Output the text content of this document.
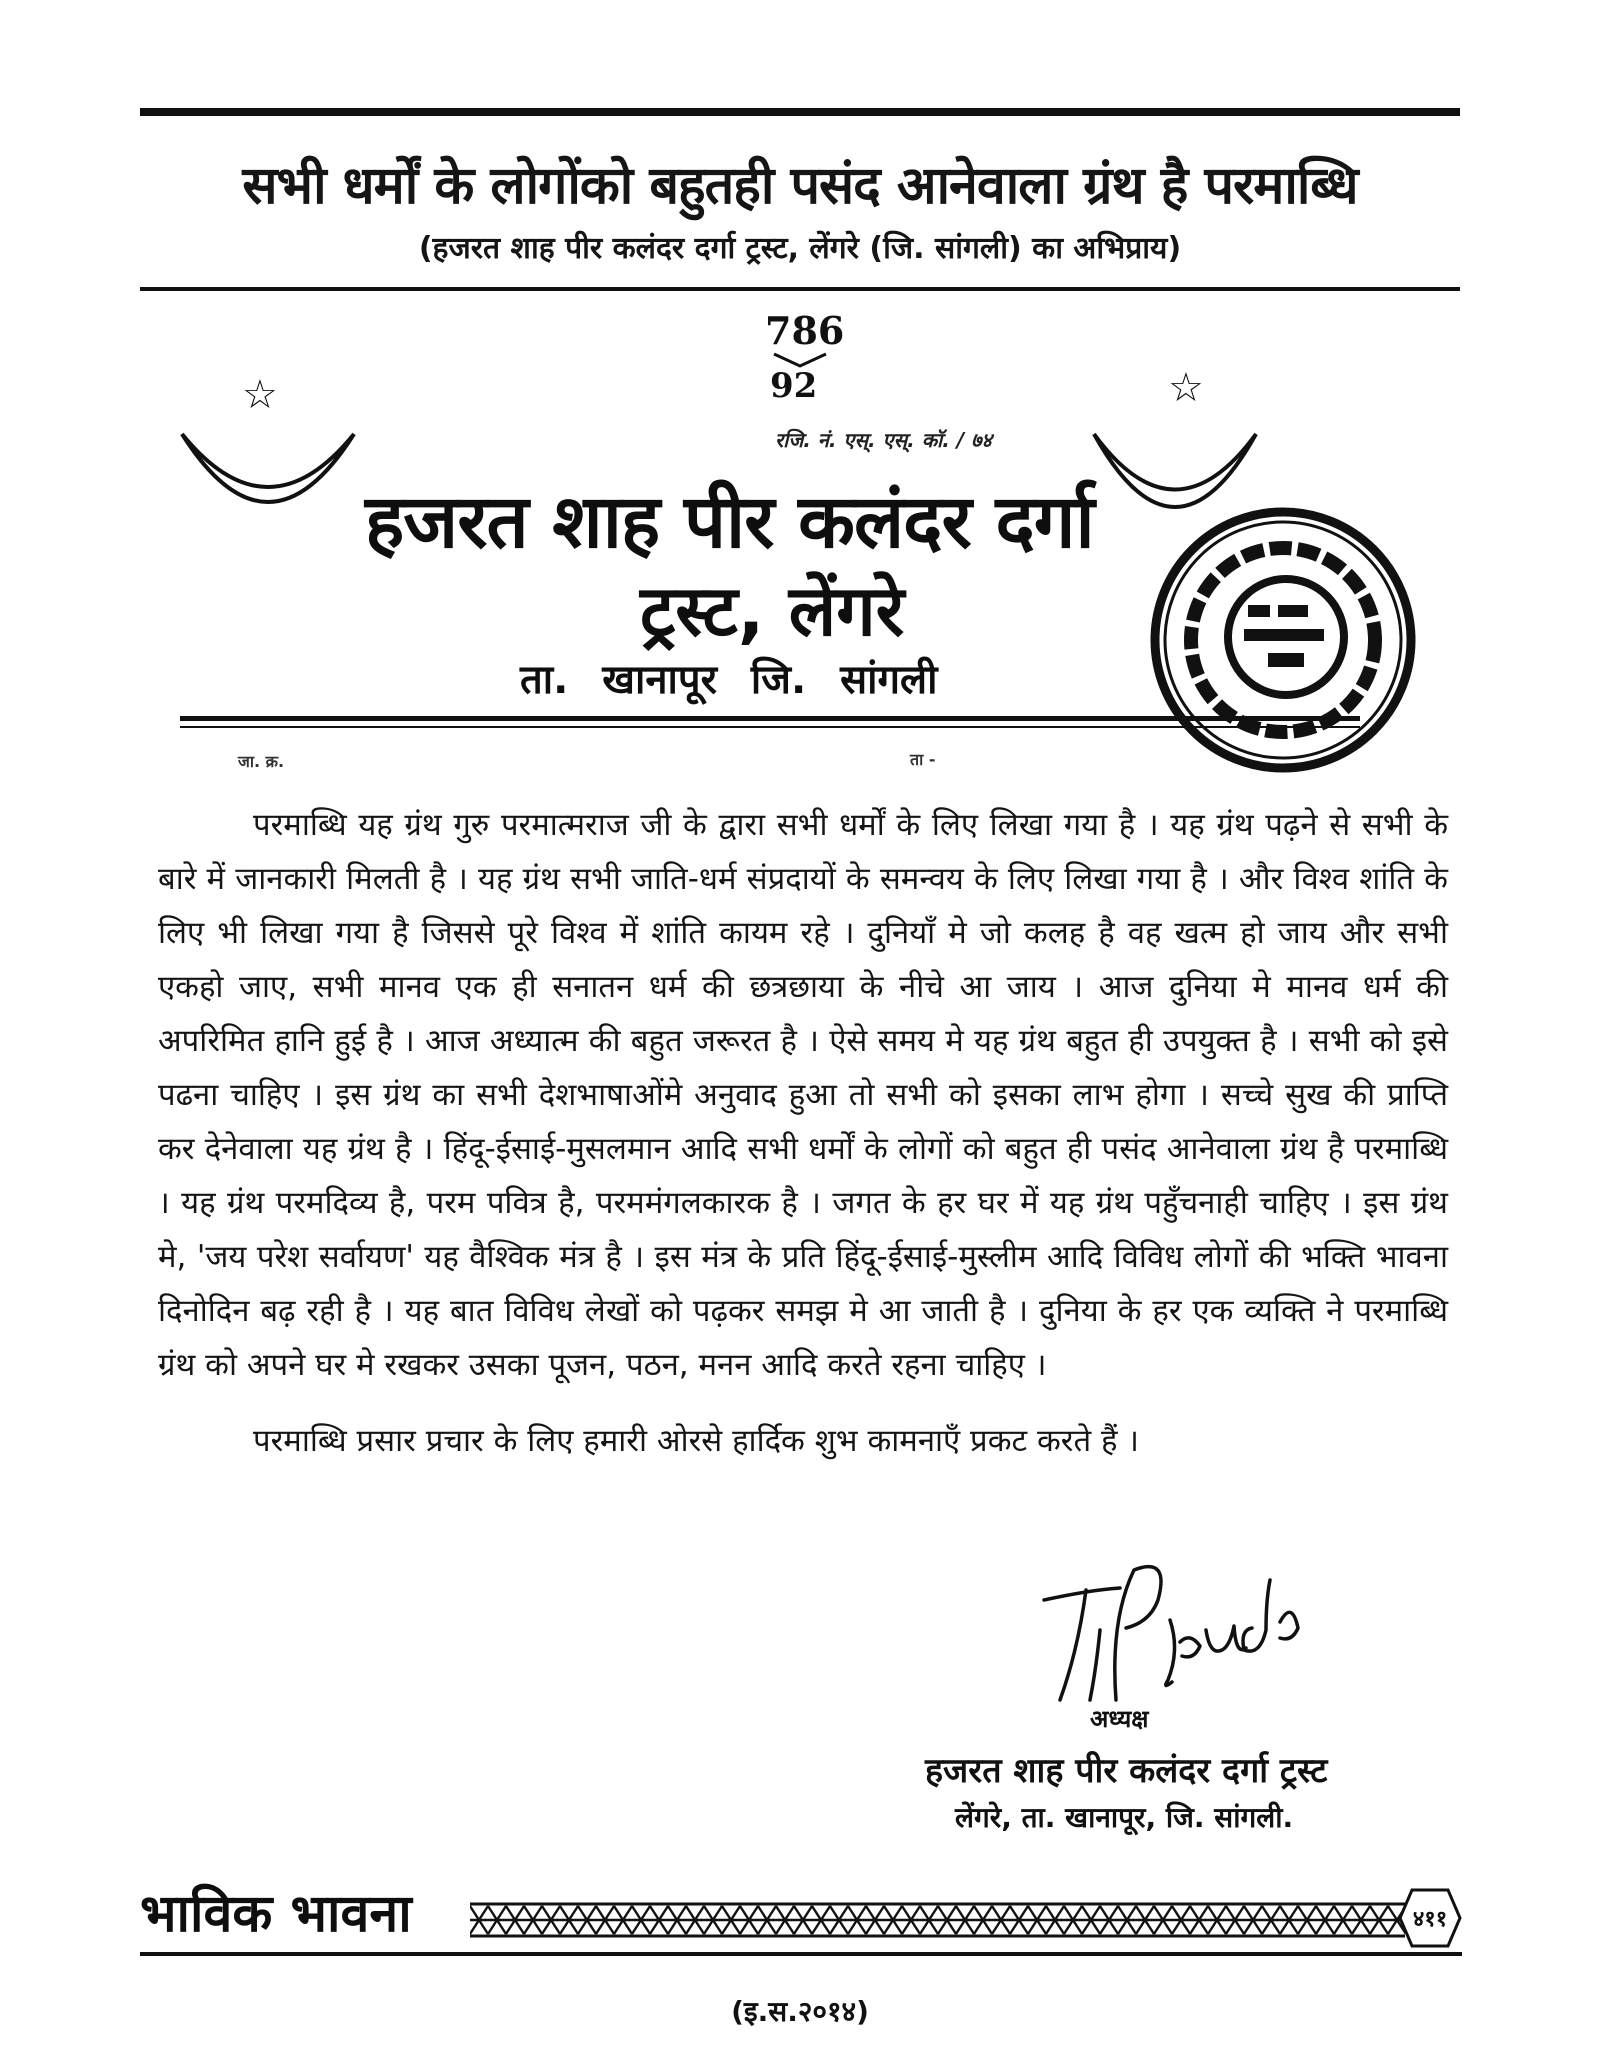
सभी धर्मों के लोगोंको बहुतही पसंद आनेवाला ग्रंथ है परमाब्धि
(हजरत शाह पीर कलंदर दर्गा ट्रस्ट, लेंगरे (जि. सांगली) का अभिप्राय)
786
92
☆	☆
रजि. नं. एस्. एस्. कॉ. / ७४
हजरत शाह पीर कलंदर दर्गा
ट्रस्ट, लेंगरे
ता. खानापूर जि. सांगली
जा. क्र.	ता -

परमाब्धि यह ग्रंथ गुरु परमात्मराज जी के द्वारा सभी धर्मों के लिए लिखा गया है । यह ग्रंथ पढ़ने से सभी के बारे में जानकारी मिलती है । यह ग्रंथ सभी जाति-धर्म संप्रदायों के समन्वय के लिए लिखा गया है । और विश्व शांति के लिए भी लिखा गया है जिससे पूरे विश्व में शांति कायम रहे । दुनियाँ मे जो कलह है वह खत्म हो जाय और सभी एकहो जाए, सभी मानव एक ही सनातन धर्म की छत्रछाया के नीचे आ जाय । आज दुनिया मे मानव धर्म की अपरिमित हानि हुई है । आज अध्यात्म की बहुत जरूरत है । ऐसे समय मे यह ग्रंथ बहुत ही उपयुक्त है । सभी को इसे पढना चाहिए । इस ग्रंथ का सभी देशभाषाओंमे अनुवाद हुआ तो सभी को इसका लाभ होगा । सच्चे सुख की प्राप्ति कर देनेवाला यह ग्रंथ है । हिंदू-ईसाई-मुसलमान आदि सभी धर्मों के लोगों को बहुत ही पसंद आनेवाला ग्रंथ है परमाब्धि । यह ग्रंथ परमदिव्य है, परम पवित्र है, परममंगलकारक है । जगत के हर घर में यह ग्रंथ पहुँचनाही चाहिए । इस ग्रंथ मे, 'जय परेश सर्वायण' यह वैश्विक मंत्र है । इस मंत्र के प्रति हिंदू-ईसाई-मुस्लीम आदि विविध लोगों की भक्ति भावना दिनोदिन बढ़ रही है । यह बात विविध लेखों को पढ़कर समझ मे आ जाती है । दुनिया के हर एक व्यक्ति ने परमाब्धि ग्रंथ को अपने घर मे रखकर उसका पूजन, पठन, मनन आदि करते रहना चाहिए ।

परमाब्धि प्रसार प्रचार के लिए हमारी ओरसे हार्दिक शुभ कामनाएँ प्रकट करते हैं ।

अध्यक्ष
हजरत शाह पीर कलंदर दर्गा ट्रस्ट
लेंगरे, ता. खानापूर, जि. सांगली.
भाविक भावना	४११
(इ.स.२०१४)
